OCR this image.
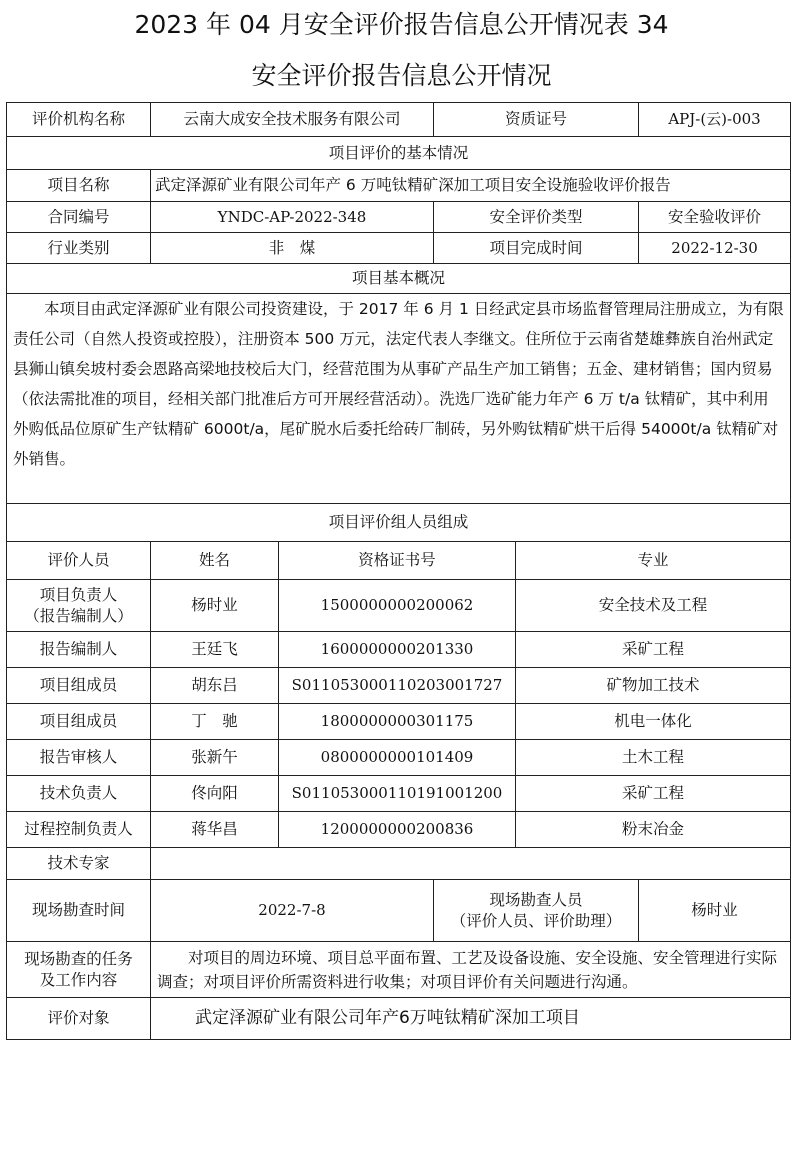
2023 年 04 月安全评价报告信息公开情况表 34
安全评价报告信息公开情况
评价机构名称	云南大成安全技术服务有限公司		资质证号		APJ-(云)-003
项目评价的基本情况					
项目名称	武定泽源矿业有限公司年产 6 万吨钛精矿深加工项目安全设施验收评价报告				
合同编号	YNDC-AP-2022-348		安全评价类型		安全验收评价
行业类别	非　煤		项目完成时间		2022-12-30
项目基本概况					
本项目由武定泽源矿业有限公司投资建设，于 2017 年 6 月 1 日经武定县市场监督管理局注册成立，为有限责任公司（自然人投资或控股），注册资本 500 万元，法定代表人李继文。住所位于云南省楚雄彝族自治州武定县狮山镇矣坡村委会恩路高梁地技校后大门，经营范围为从事矿产品生产加工销售；五金、建材销售；国内贸易（依法需批准的项目，经相关部门批准后方可开展经营活动）。洗选厂选矿能力年产 6 万 t/a 钛精矿，其中利用外购低品位原矿生产钛精矿 6000t/a，尾矿脱水后委托给砖厂制砖，另外购钛精矿烘干后得 54000t/a 钛精矿对外销售。					
项目评价组人员组成					
评价人员	姓名	资格证书号		专业	
项目负责人
（报告编制人）	杨时业	1500000000200062		安全技术及工程	
报告编制人	王廷飞	1600000000201330		采矿工程	
项目组成员	胡东吕	S011053000110203001727		矿物加工技术	
项目组成员	丁　驰	1800000000301175		机电一体化	
报告审核人	张新午	0800000000101409		土木工程	
技术负责人	佟向阳	S011053000110191001200		采矿工程	
过程控制负责人	蒋华昌	1200000000200836		粉末冶金	
技术专家					
现场勘查时间	2022-7-8		现场勘查人员
（评价人员、评价助理）		杨时业
现场勘查的任务
及工作内容	对项目的周边环境、项目总平面布置、工艺及设备设施、安全设施、安全管理进行实际调查；对项目评价所需资料进行收集；对项目评价有关问题进行沟通。				
评价对象	武定泽源矿业有限公司年产6万吨钛精矿深加工项目				
